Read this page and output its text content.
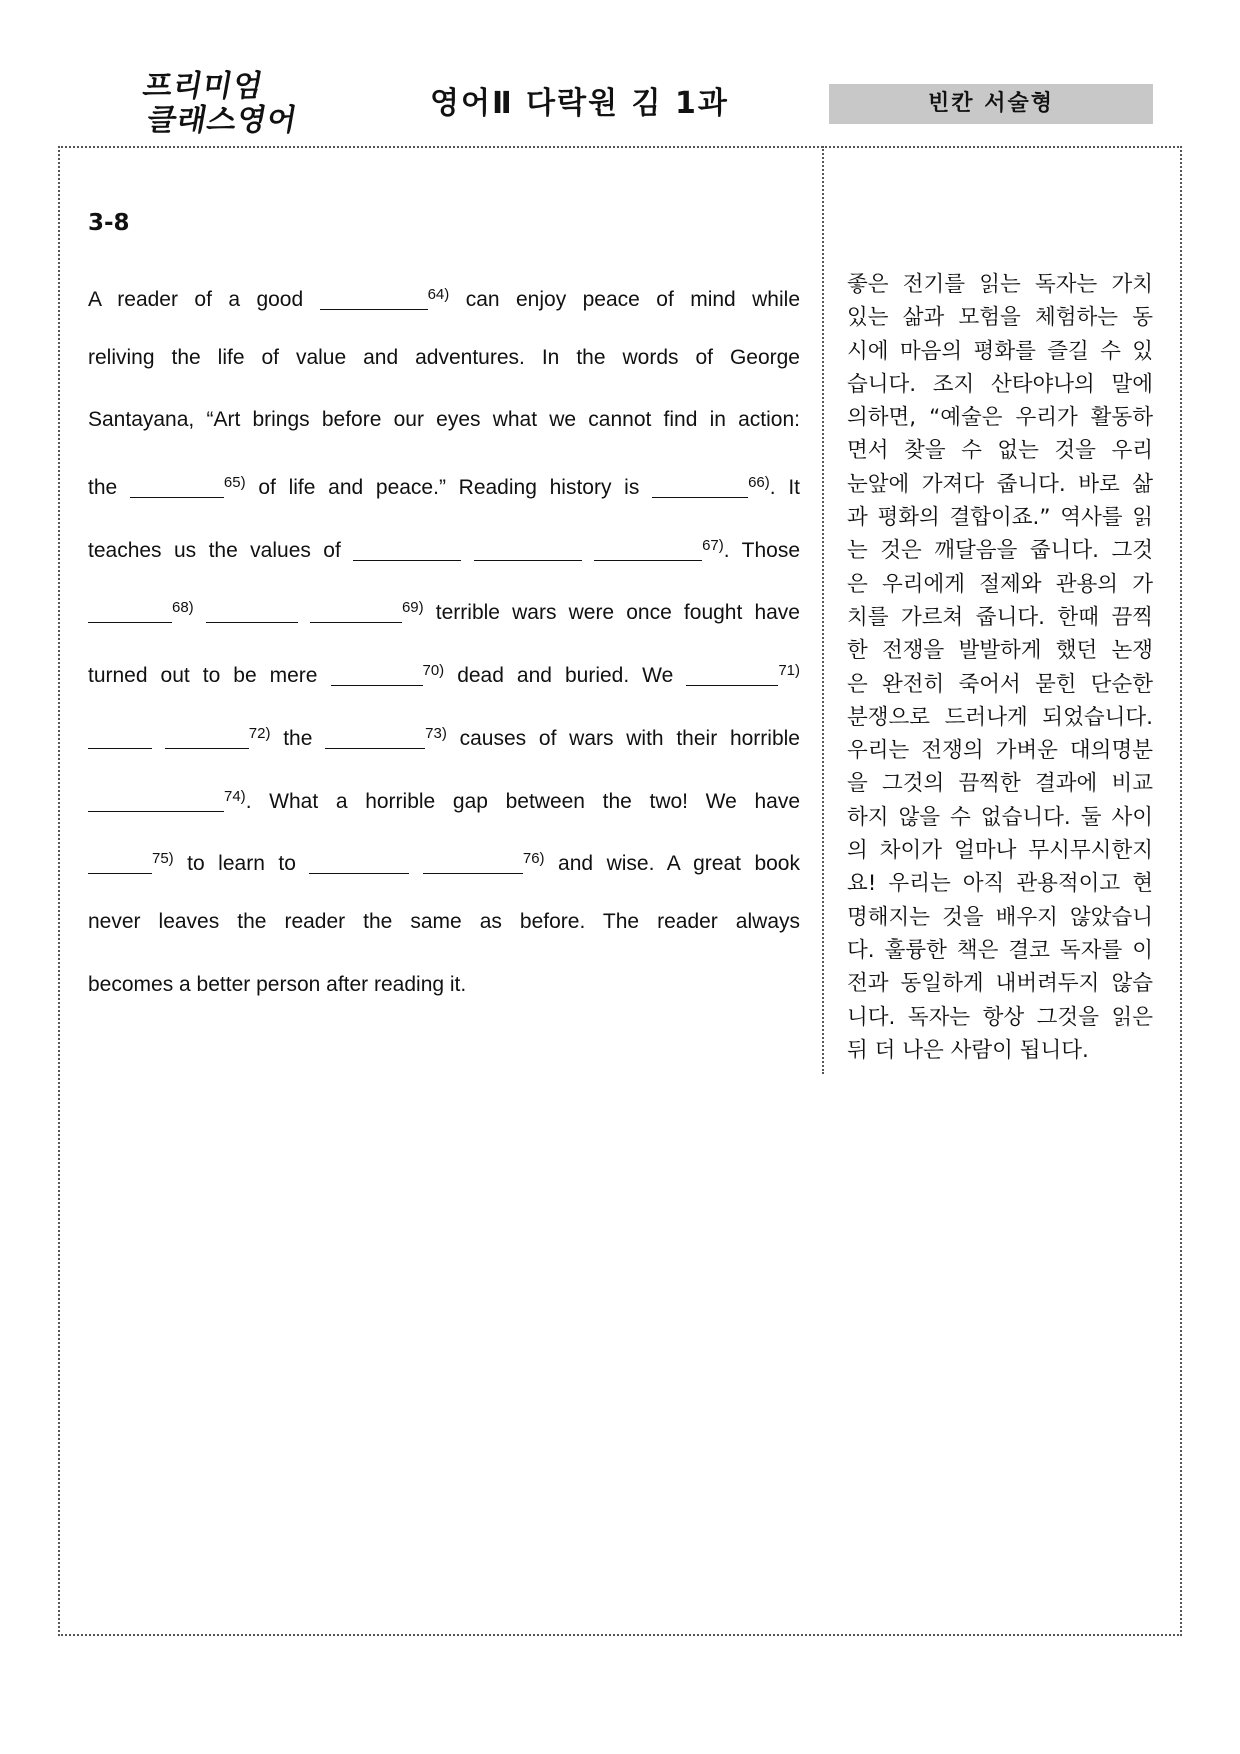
프리미엄
클래스영어	영어Ⅱ 다락원 김 1과	빈칸 서술형
3-8
A reader of a good	$^{64)}$ can enjoy peace of mind while
reliving the life of value and adventures. In the words of George
Santayana, “Art brings before our eyes what we cannot find in action:
the	$^{65)}$ of life and peace.” Reading history is	$^{66)}$. It
teaches us the values of	$^{67)}$. Those
$^{68)}$	$^{69)}$ terrible wars were once fought have
turned out to be mere	$^{70)}$ dead and buried. We	$^{71)}$
$^{72)}$ the	$^{73)}$ causes of wars with their horrible
$^{74)}$. What a horrible gap between the two! We have
$^{75)}$ to learn to	$^{76)}$ and wise. A great book
never leaves the reader the same as before. The reader always
becomes a better person after reading it.
좋은 전기를 읽는 독자는 가치
있는 삶과 모험을 체험하는 동
시에 마음의 평화를 즐길 수 있
습니다. 조지 산타야나의 말에
의하면, “예술은 우리가 활동하
면서 찾을 수 없는 것을 우리
눈앞에 가져다 줍니다. 바로 삶
과 평화의 결합이죠.” 역사를 읽
는 것은 깨달음을 줍니다. 그것
은 우리에게 절제와 관용의 가
치를 가르쳐 줍니다. 한때 끔찍
한 전쟁을 발발하게 했던 논쟁
은 완전히 죽어서 묻힌 단순한
분쟁으로 드러나게 되었습니다.
우리는 전쟁의 가벼운 대의명분
을 그것의 끔찍한 결과에 비교
하지 않을 수 없습니다. 둘 사이
의 차이가 얼마나 무시무시한지
요! 우리는 아직 관용적이고 현
명해지는 것을 배우지 않았습니
다. 훌륭한 책은 결코 독자를 이
전과 동일하게 내버려두지 않습
니다. 독자는 항상 그것을 읽은
뒤 더 나은 사람이 됩니다.
